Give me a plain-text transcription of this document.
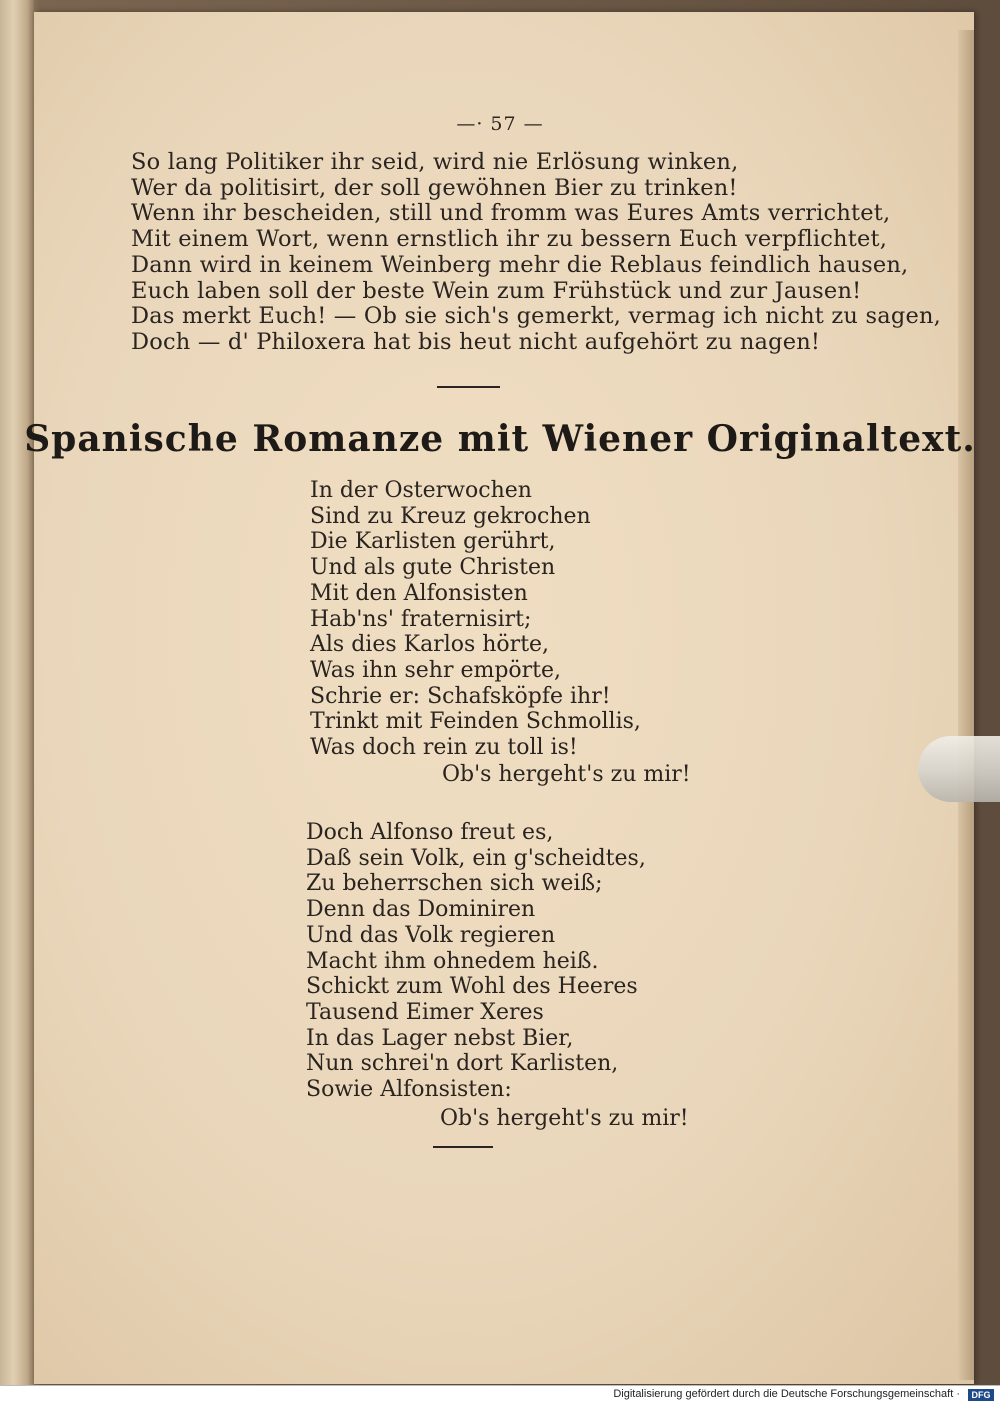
—· 57 —
So lang Politiker ihr seid, wird nie Erlösung winken,
Wer da politisirt, der soll gewöhnen Bier zu trinken!
Wenn ihr bescheiden, still und fromm was Eures Amts verrichtet,
Mit einem Wort, wenn ernstlich ihr zu bessern Euch verpflichtet,
Dann wird in keinem Weinberg mehr die Reblaus feindlich hausen,
Euch laben soll der beste Wein zum Frühstück und zur Jausen!
Das merkt Euch! — Ob sie sich's gemerkt, vermag ich nicht zu sagen,
Doch — d' Philoxera hat bis heut nicht aufgehört zu nagen!
Spanische Romanze mit Wiener Originaltext.
In der Osterwochen
Sind zu Kreuz gekrochen
Die Karlisten gerührt,
Und als gute Christen
Mit den Alfonsisten
Hab'ns' fraternisirt;
Als dies Karlos hörte,
Was ihn sehr empörte,
Schrie er: Schafsköpfe ihr!
Trinkt mit Feinden Schmollis,
Was doch rein zu toll is!
Ob's hergeht's zu mir!
Doch Alfonso freut es,
Daß sein Volk, ein g'scheidtes,
Zu beherrschen sich weiß;
Denn das Dominiren
Und das Volk regieren
Macht ihm ohnedem heiß.
Schickt zum Wohl des Heeres
Tausend Eimer Xeres
In das Lager nebst Bier,
Nun schrei'n dort Karlisten,
Sowie Alfonsisten:
Ob's hergeht's zu mir!
Digitalisierung gefördert durch die Deutsche Forschungsgemeinschaft ·	DFG
